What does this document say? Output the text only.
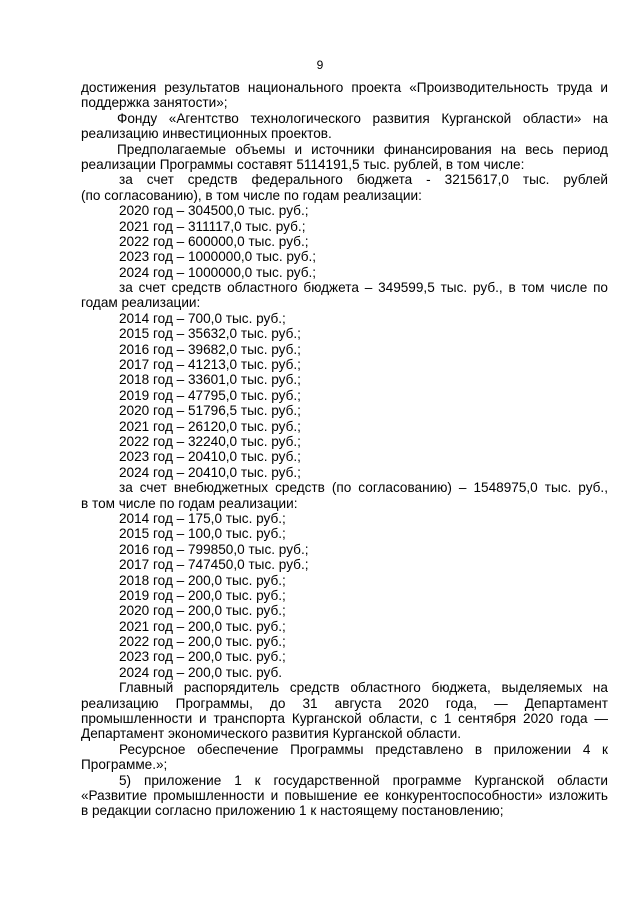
9
достижения результатов национального проекта «Производительность труда и
поддержка занятости»;
Фонду «Агентство технологического развития Курганской области» на
реализацию инвестиционных проектов.
Предполагаемые объемы и источники финансирования на весь период
реализации Программы составят 5114191,5 тыс. рублей, в том числе:
за счет средств федерального бюджета - 3215617,0 тыс. рублей
(по согласованию), в том числе по годам реализации:
2020 год – 304500,0 тыс. руб.;
2021 год – 311117,0 тыс. руб.;
2022 год – 600000,0 тыс. руб.;
2023 год – 1000000,0 тыс. руб.;
2024 год – 1000000,0 тыс. руб.;
за счет средств областного бюджета – 349599,5 тыс. руб., в том числе по
годам реализации:
2014 год – 700,0 тыс. руб.;
2015 год – 35632,0 тыс. руб.;
2016 год – 39682,0 тыс. руб.;
2017 год – 41213,0 тыс. руб.;
2018 год – 33601,0 тыс. руб.;
2019 год – 47795,0 тыс. руб.;
2020 год – 51796,5 тыс. руб.;
2021 год – 26120,0 тыс. руб.;
2022 год – 32240,0 тыс. руб.;
2023 год – 20410,0 тыс. руб.;
2024 год – 20410,0 тыс. руб.;
за счет внебюджетных средств (по согласованию) – 1548975,0 тыс. руб.,
в том числе по годам реализации:
2014 год – 175,0 тыс. руб.;
2015 год – 100,0 тыс. руб.;
2016 год – 799850,0 тыс. руб.;
2017 год – 747450,0 тыс. руб.;
2018 год – 200,0 тыс. руб.;
2019 год – 200,0 тыс. руб.;
2020 год – 200,0 тыс. руб.;
2021 год – 200,0 тыс. руб.;
2022 год – 200,0 тыс. руб.;
2023 год – 200,0 тыс. руб.;
2024 год – 200,0 тыс. руб.
Главный распорядитель средств областного бюджета, выделяемых на
реализацию Программы, до 31 августа 2020 года, — Департамент
промышленности и транспорта Курганской области, с 1 сентября 2020 года —
Департамент экономического развития Курганской области.
Ресурсное обеспечение Программы представлено в приложении 4 к
Программе.»;
5) приложение 1 к государственной программе Курганской области
«Развитие промышленности и повышение ее конкурентоспособности» изложить
в редакции согласно приложению 1 к настоящему постановлению;
